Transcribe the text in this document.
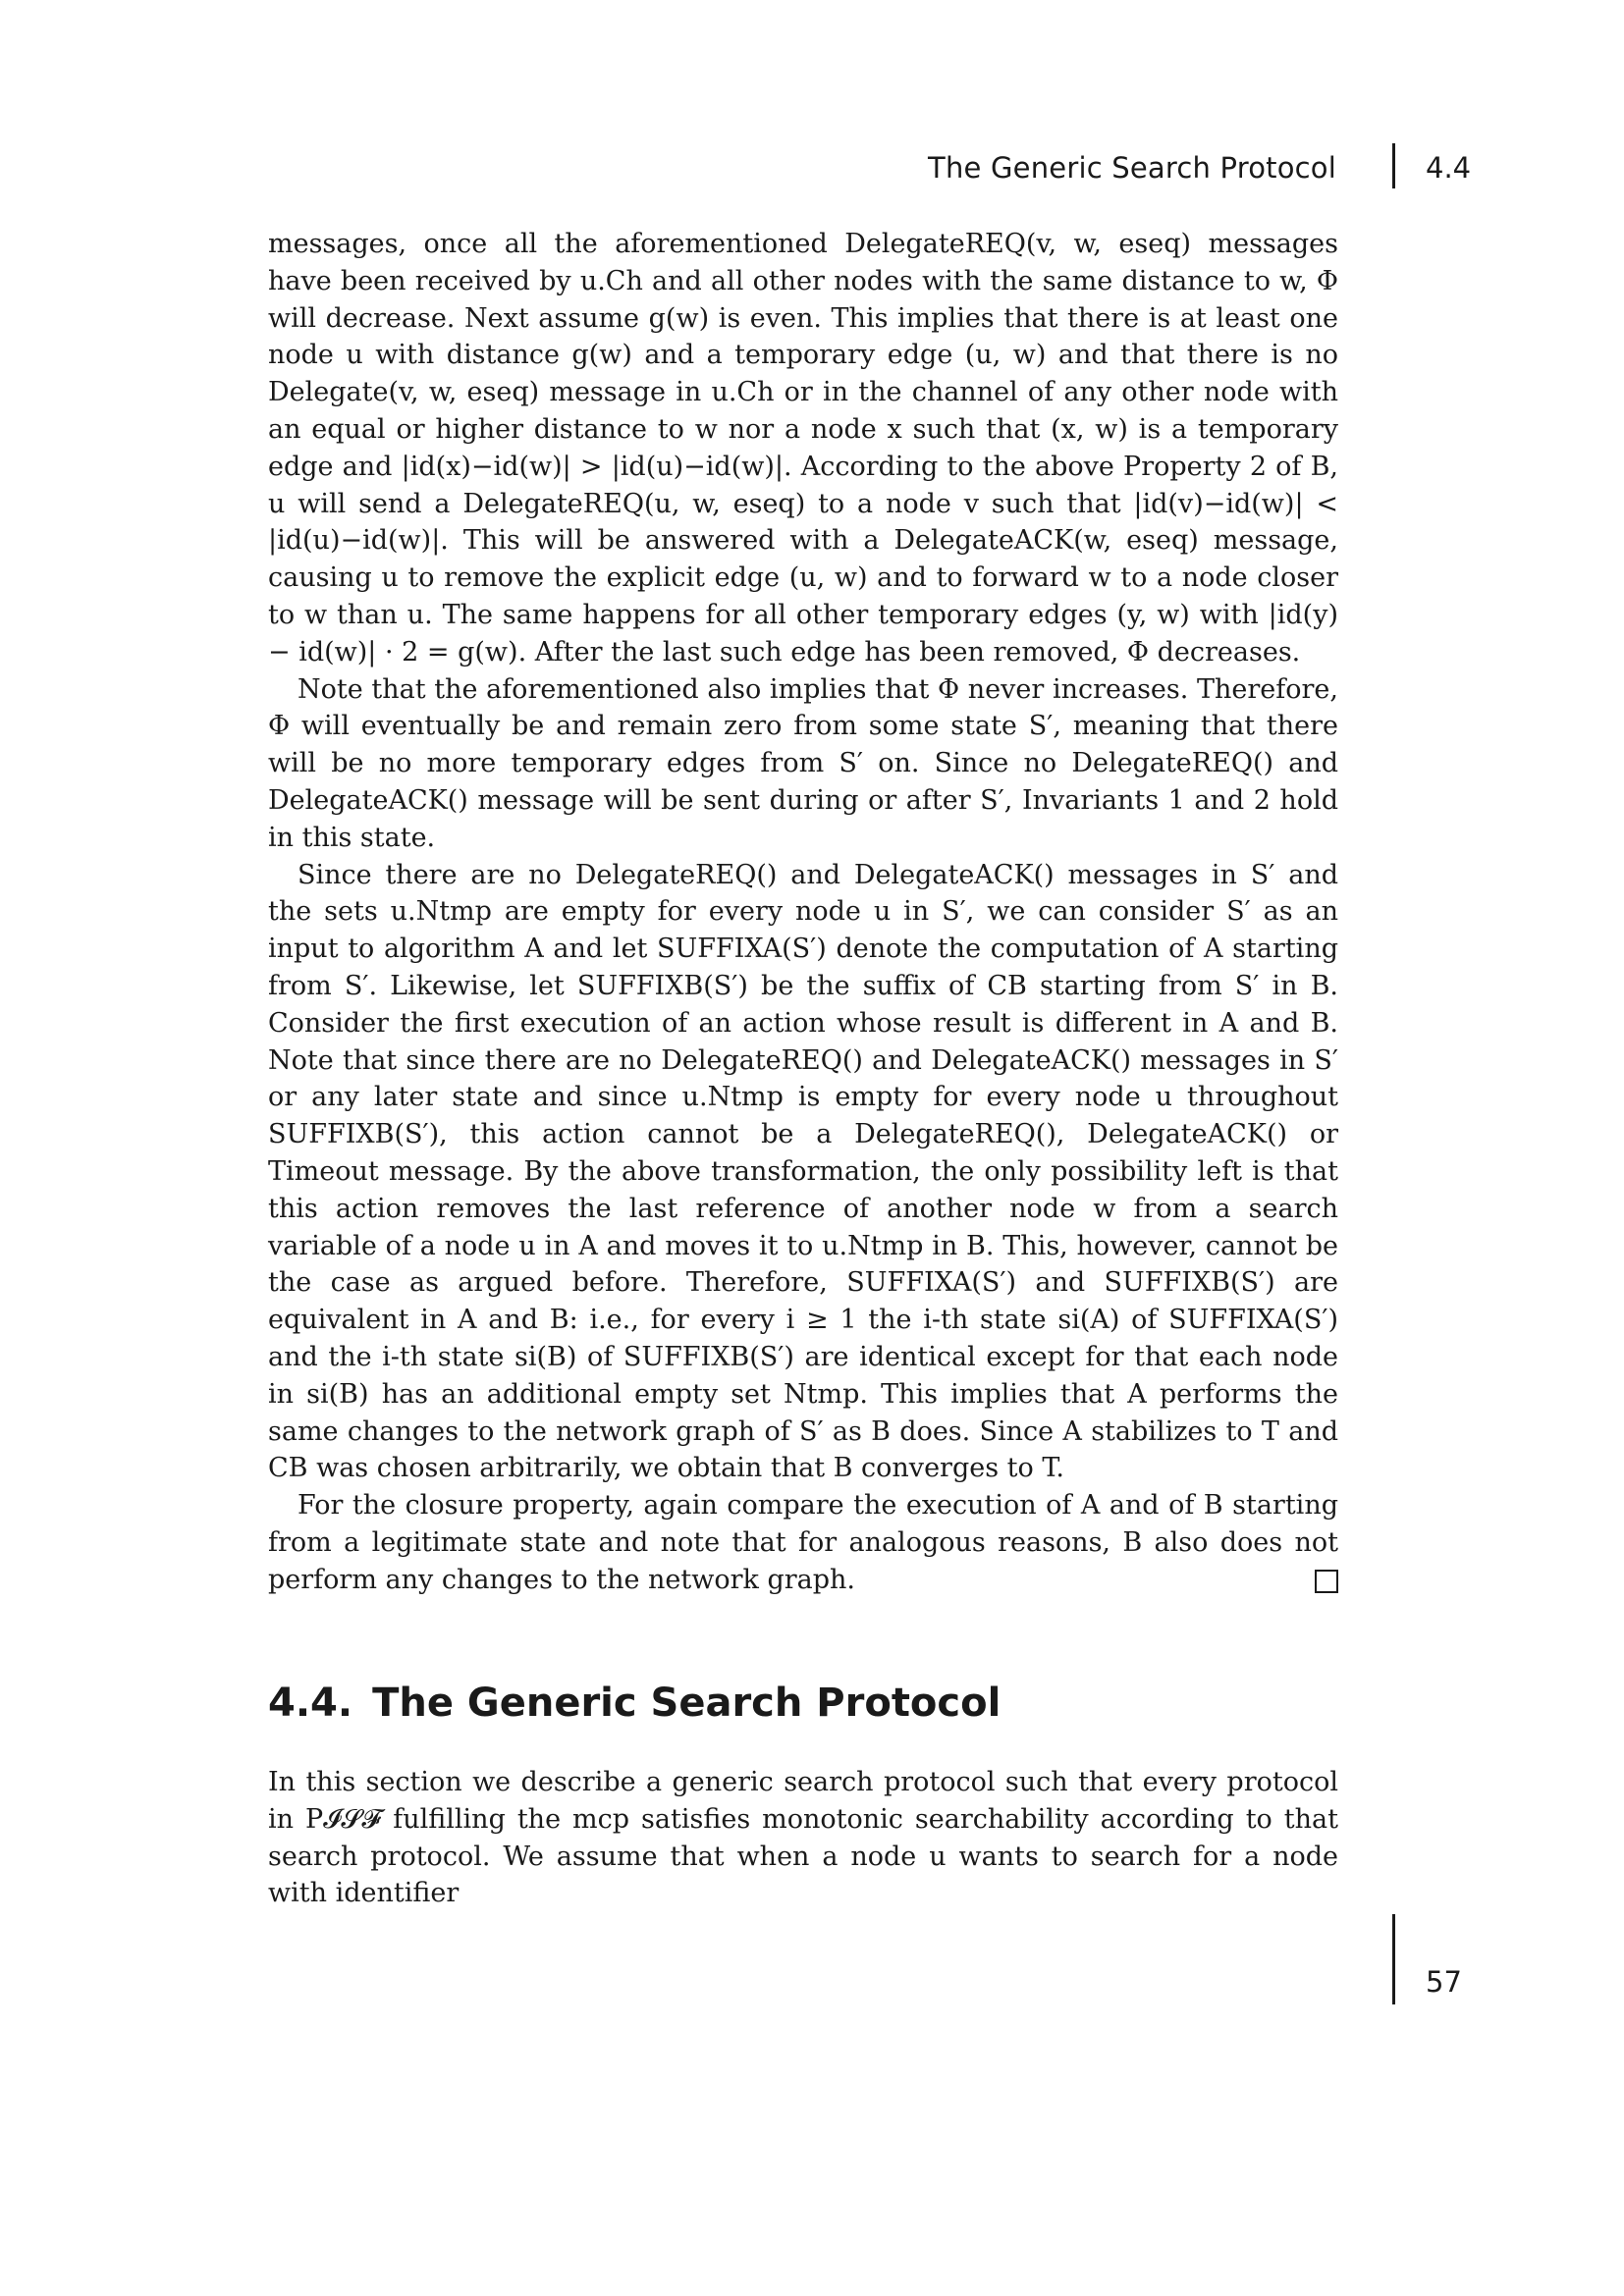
The Generic Search Protocol	4.4

messages, once all the aforementioned DelegateREQ(v, w, eseq) messages have been received by u.Ch and all other nodes with the same distance to w, Φ will decrease. Next assume g(w) is even. This implies that there is at least one node u with distance g(w) and a temporary edge (u, w) and that there is no Delegate(v, w, eseq) message in u.Ch or in the channel of any other node with an equal or higher distance to w nor a node x such that (x, w) is a temporary edge and |id(x)−id(w)| > |id(u)−id(w)|. According to the above Property 2 of B, u will send a DelegateREQ(u, w, eseq) to a node v such that |id(v)−id(w)| < |id(u)−id(w)|. This will be answered with a DelegateACK(w, eseq) message, causing u to remove the explicit edge (u, w) and to forward w to a node closer to w than u. The same happens for all other temporary edges (y, w) with |id(y) − id(w)| · 2 = g(w). After the last such edge has been removed, Φ decreases.

Note that the aforementioned also implies that Φ never increases. Therefore, Φ will eventually be and remain zero from some state S′, meaning that there will be no more temporary edges from S′ on. Since no DelegateREQ() and DelegateACK() message will be sent during or after S′, Invariants 1 and 2 hold in this state.

Since there are no DelegateREQ() and DelegateACK() messages in S′ and the sets u.Ntmp are empty for every node u in S′, we can consider S′ as an input to algorithm A and let SUFFIXA(S′) denote the computation of A starting from S′. Likewise, let SUFFIXB(S′) be the suffix of CB starting from S′ in B. Consider the first execution of an action whose result is different in A and B. Note that since there are no DelegateREQ() and DelegateACK() messages in S′ or any later state and since u.Ntmp is empty for every node u throughout SUFFIXB(S′), this action cannot be a DelegateREQ(), DelegateACK() or Timeout message. By the above transformation, the only possibility left is that this action removes the last reference of another node w from a search variable of a node u in A and moves it to u.Ntmp in B. This, however, cannot be the case as argued before. Therefore, SUFFIXA(S′) and SUFFIXB(S′) are equivalent in A and B: i.e., for every i ≥ 1 the i-th state si(A) of SUFFIXA(S′) and the i-th state si(B) of SUFFIXB(S′) are identical except for that each node in si(B) has an additional empty set Ntmp. This implies that A performs the same changes to the network graph of S′ as B does. Since A stabilizes to T and CB was chosen arbitrarily, we obtain that B converges to T.

For the closure property, again compare the execution of A and of B starting from a legitimate state and note that for analogous reasons, B also does not perform any changes to the network graph.

4.4. The Generic Search Protocol

In this section we describe a generic search protocol such that every protocol in P𝓘𝓢𝓕 fulfilling the mcp satisfies monotonic searchability according to that search protocol. We assume that when a node u wants to search for a node with identifier

57
